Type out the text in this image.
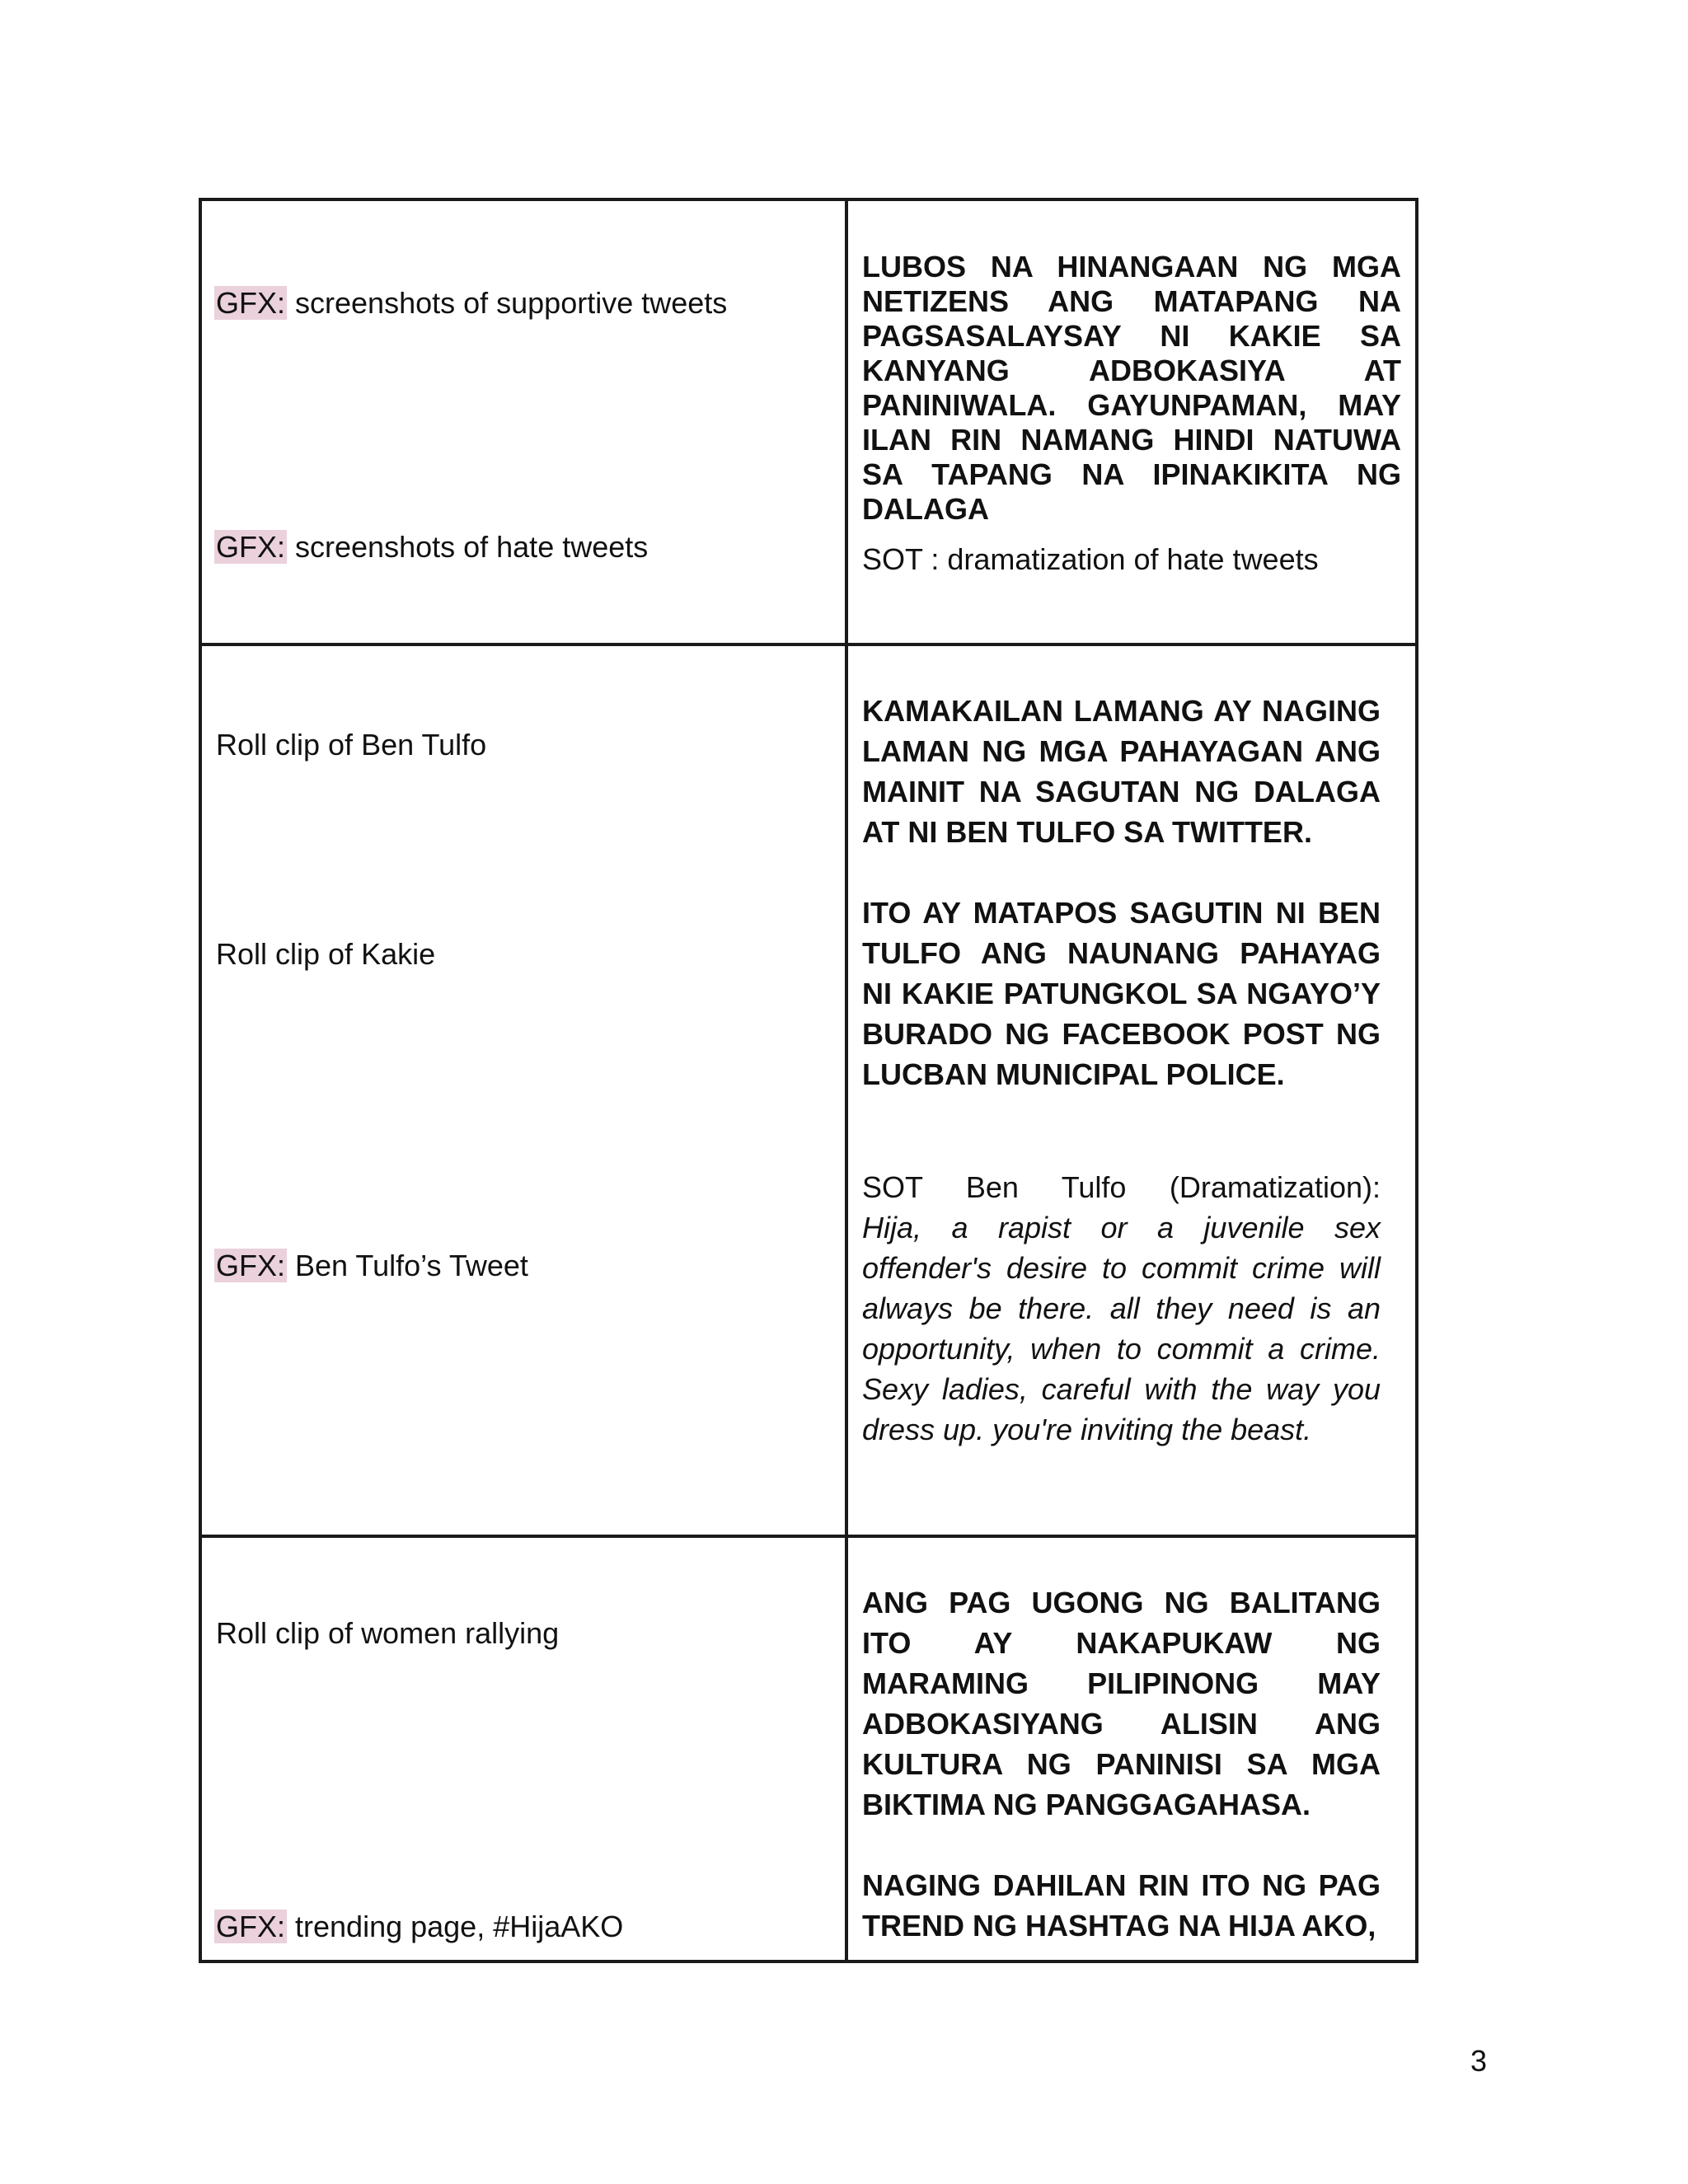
GFX: screenshots of supportive tweets
GFX: screenshots of hate tweets
LUBOS NA HINANGAAN NG MGA NETIZENS ANG MATAPANG NA PAGSASALAYSAY NI KAKIE SA KANYANG ADBOKASIYA AT PANINIWALA. GAYUNPAMAN, MAY ILAN RIN NAMANG HINDI NATUWA SA TAPANG NA IPINAKIKITA NG DALAGA
SOT : dramatization of hate tweets
Roll clip of Ben Tulfo
Roll clip of Kakie
GFX: Ben Tulfo’s Tweet
KAMAKAILAN LAMANG AY NAGING LAMAN NG MGA PAHAYAGAN ANG MAINIT NA SAGUTAN NG DALAGA AT NI BEN TULFO SA TWITTER.
ITO AY MATAPOS SAGUTIN NI BEN TULFO ANG NAUNANG PAHAYAG NI KAKIE PATUNGKOL SA NGAYO’Y BURADO NG FACEBOOK POST NG LUCBAN MUNICIPAL POLICE.
SOT Ben Tulfo (Dramatization):
Hija, a rapist or a juvenile sex offender's desire to commit crime will always be there. all they need is an opportunity, when to commit a crime. Sexy ladies, careful with the way you dress up. you're inviting the beast.
Roll clip of women rallying
GFX: trending page, #HijaAKO
ANG PAG UGONG NG BALITANG ITO AY NAKAPUKAW NG MARAMING PILIPINONG MAY ADBOKASIYANG ALISIN ANG KULTURA NG PANINISI SA MGA BIKTIMA NG PANGGAGAHASA.
NAGING DAHILAN RIN ITO NG PAG TREND NG HASHTAG NA HIJA AKO,
3
